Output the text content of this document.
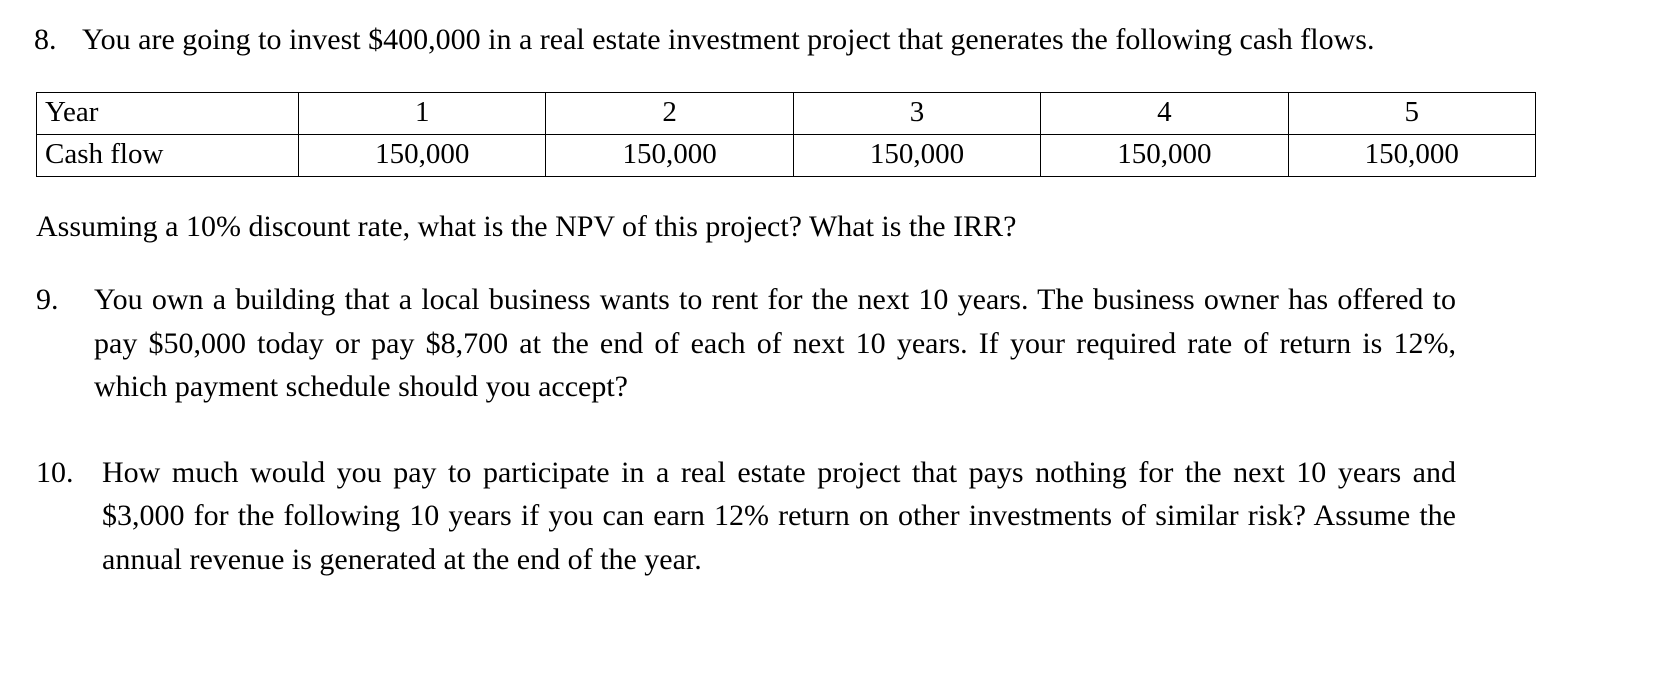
8. You are going to invest $400,000 in a real estate investment project that generates the following cash flows.
Year	1	2	3	4	5
Cash flow	150,000	150,000	150,000	150,000	150,000
Assuming a 10% discount rate, what is the NPV of this project? What is the IRR?
9.	You own a building that a local business wants to rent for the next 10 years. The business owner has offered to pay $50,000 today or pay $8,700 at the end of each of next 10 years. If your required rate of return is 12%, which payment schedule should you accept?
10. How much would you pay to participate in a real estate project that pays nothing for the next 10 years and $3,000 for the following 10 years if you can earn 12% return on other investments of similar risk? Assume the annual revenue is generated at the end of the year.
